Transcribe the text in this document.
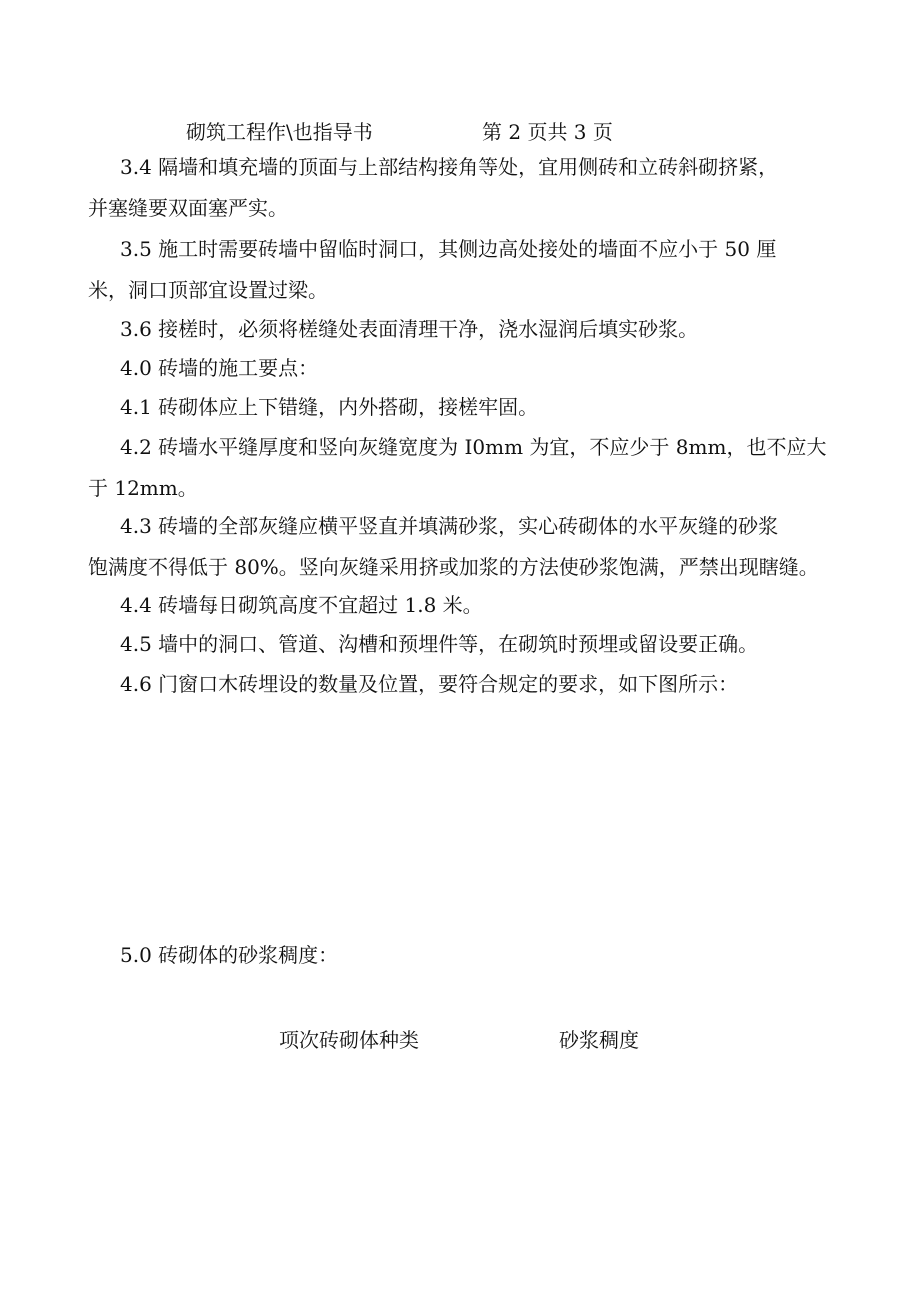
砌筑工程作\也指导书	第 2 页共 3 页
3.4 隔墙和填充墙的顶面与上部结构接角等处，宜用侧砖和立砖斜砌挤紧，
并塞缝要双面塞严实。
3.5 施工时需要砖墙中留临时洞口，其侧边高处接处的墙面不应小于 50 厘
米，洞口顶部宜设置过梁。
3.6 接槎时，必须将槎缝处表面清理干净，浇水湿润后填实砂浆。
4.0 砖墙的施工要点：
4.1 砖砌体应上下错缝，内外搭砌，接槎牢固。
4.2 砖墙水平缝厚度和竖向灰缝宽度为 I0mm 为宜，不应少于 8mm，也不应大
于 12mm。
4.3 砖墙的全部灰缝应横平竖直并填满砂浆，实心砖砌体的水平灰缝的砂浆
饱满度不得低于 80%。竖向灰缝采用挤或加浆的方法使砂浆饱满，严禁出现瞎缝。
4.4 砖墙每日砌筑高度不宜超过 1.8 米。
4.5 墙中的洞口、管道、沟槽和预埋件等，在砌筑时预埋或留设要正确。
4.6 门窗口木砖埋设的数量及位置，要符合规定的要求，如下图所示：
5.0 砖砌体的砂浆稠度：
项次砖砌体种类	砂浆稠度
